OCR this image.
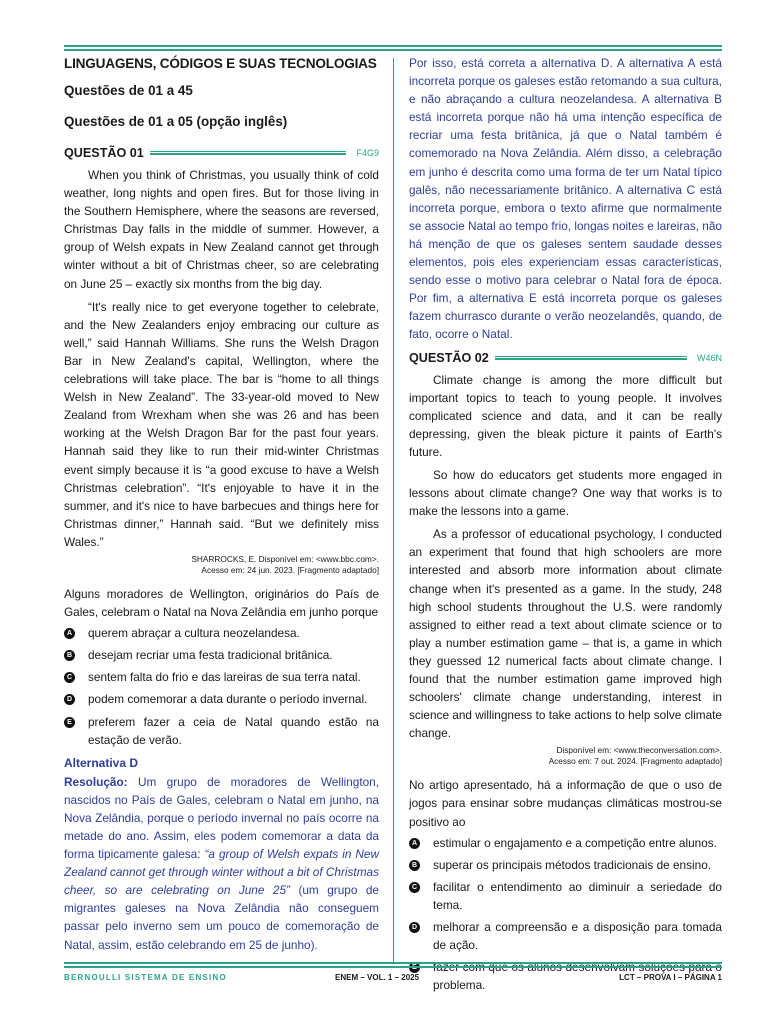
LINGUAGENS, CÓDIGOS E SUAS TECNOLOGIAS
Questões de 01 a 45
Questões de 01 a 05 (opção inglês)
QUESTÃO 01	F4G9

When you think of Christmas, you usually think of cold weather, long nights and open fires. But for those living in the Southern Hemisphere, where the seasons are reversed, Christmas Day falls in the middle of summer. However, a group of Welsh expats in New Zealand cannot get through winter without a bit of Christmas cheer, so are celebrating on June 25 – exactly six months from the big day.

“It's really nice to get everyone together to celebrate, and the New Zealanders enjoy embracing our culture as well,” said Hannah Williams. She runs the Welsh Dragon Bar in New Zealand's capital, Wellington, where the celebrations will take place. The bar is “home to all things Welsh in New Zealand”. The 33-year-old moved to New Zealand from Wrexham when she was 26 and has been working at the Welsh Dragon Bar for the past four years. Hannah said they like to run their mid-winter Christmas event simply because it is “a good excuse to have a Welsh Christmas celebration”. “It's enjoyable to have it in the summer, and it's nice to have barbecues and things here for Christmas dinner,” Hannah said. “But we definitely miss Wales.”

SHARROCKS, E. Disponível em: <www.bbc.com>.
Acesso em: 24 jun. 2023. [Fragmento adaptado]
Alguns moradores de Wellington, originários do País de Gales, celebram o Natal na Nova Zelândia em junho porque
A querem abraçar a cultura neozelandesa.
B desejam recriar uma festa tradicional britânica.
C sentem falta do frio e das lareiras de sua terra natal.
D podem comemorar a data durante o período invernal.
E preferem fazer a ceia de Natal quando estão na estação de verão.
Alternativa D

Resolução: Um grupo de moradores de Wellington, nascidos no País de Gales, celebram o Natal em junho, na Nova Zelândia, porque o período invernal no país ocorre na metade do ano. Assim, eles podem comemorar a data da forma tipicamente galesa: “a group of Welsh expats in New Zealand cannot get through winter without a bit of Christmas cheer, so are celebrating on June 25” (um grupo de migrantes galeses na Nova Zelândia não conseguem passar pelo inverno sem um pouco de comemoração de Natal, assim, estão celebrando em 25 de junho).

Por isso, está correta a alternativa D. A alternativa A está incorreta porque os galeses estão retomando a sua cultura, e não abraçando a cultura neozelandesa. A alternativa B está incorreta porque não há uma intenção específica de recriar uma festa britânica, já que o Natal também é comemorado na Nova Zelândia. Além disso, a celebração em junho é descrita como uma forma de ter um Natal típico galês, não necessariamente britânico. A alternativa C está incorreta porque, embora o texto afirme que normalmente se associe Natal ao tempo frio, longas noites e lareiras, não há menção de que os galeses sentem saudade desses elementos, pois eles experienciam essas características, sendo esse o motivo para celebrar o Natal fora de época. Por fim, a alternativa E está incorreta porque os galeses fazem churrasco durante o verão neozelandês, quando, de fato, ocorre o Natal.

QUESTÃO 02	W46N

Climate change is among the more difficult but important topics to teach to young people. It involves complicated science and data, and it can be really depressing, given the bleak picture it paints of Earth's future.

So how do educators get students more engaged in lessons about climate change? One way that works is to make the lessons into a game.

As a professor of educational psychology, I conducted an experiment that found that high schoolers are more interested and absorb more information about climate change when it's presented as a game. In the study, 248 high school students throughout the U.S. were randomly assigned to either read a text about climate science or to play a number estimation game – that is, a game in which they guessed 12 numerical facts about climate change. I found that the number estimation game improved high schoolers' climate change understanding, interest in science and willingness to take actions to help solve climate change.

Disponível em: <www.theconversation.com>.
Acesso em: 7 out. 2024. [Fragmento adaptado]
No artigo apresentado, há a informação de que o uso de jogos para ensinar sobre mudanças climáticas mostrou-se positivo ao
A estimular o engajamento e a competição entre alunos.
B superar os principais métodos tradicionais de ensino.
C facilitar o entendimento ao diminuir a seriedade do tema.
D melhorar a compreensão e a disposição para tomada de ação.
E fazer com que os alunos desenvolvam soluções para o problema.
BERNOULLI SISTEMA DE ENSINO	ENEM – VOL. 1 – 2025	LCT – PROVA I – PÁGINA 1
